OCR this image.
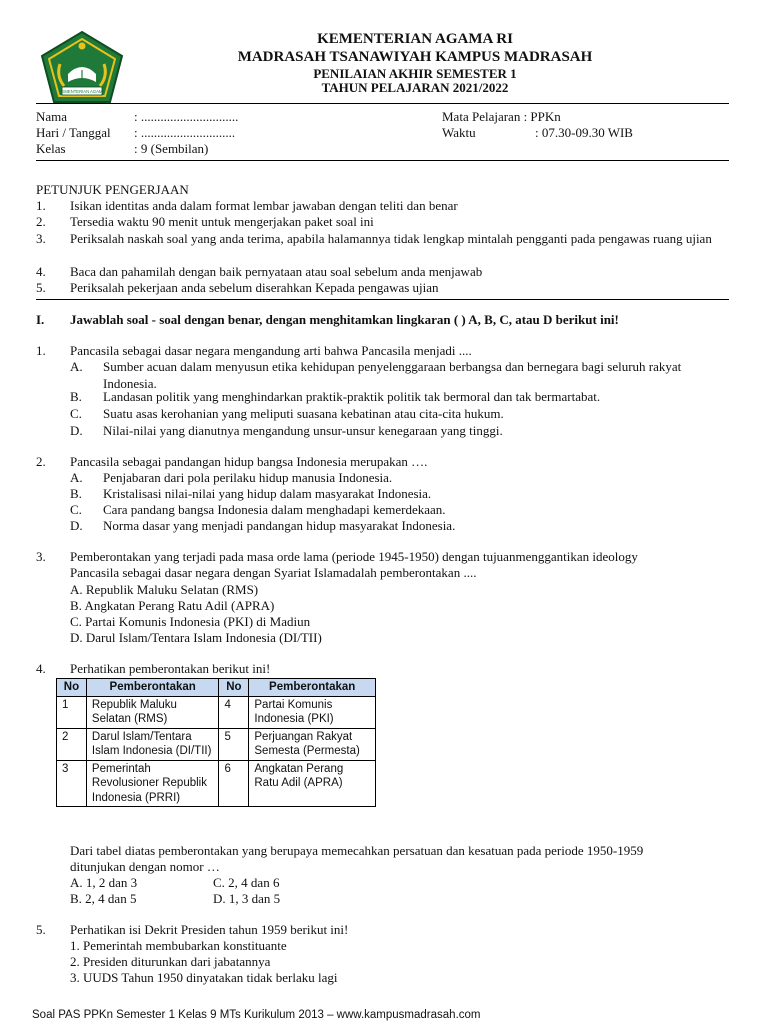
KEMENTERIAN AGAMA
KEMENTERIAN AGAMA RI
MADRASAH TSANAWIYAH KAMPUS MADRASAH
PENILAIAN AKHIR SEMESTER 1
TAHUN PELAJARAN 2021/2022
Nama	: ..............................
Hari / Tanggal : .............................
Kelas	: 9 (Sembilan)
Mata Pelajaran : PPKn
Waktu	: 07.30-09.30 WIB
PETUNJUK PENGERJAAN
1. Isikan identitas anda dalam format lembar jawaban dengan teliti dan benar
2. Tersedia waktu 90 menit untuk mengerjakan paket soal ini
3. Periksalah naskah soal yang anda terima, apabila halamannya tidak lengkap mintalah pengganti pada pengawas ruang ujian
4. Baca dan pahamilah dengan baik pernyataan atau soal sebelum anda menjawab
5. Periksalah pekerjaan anda sebelum diserahkan Kepada pengawas ujian
I. Jawablah soal - soal dengan benar, dengan menghitamkan lingkaran ( ) A, B, C, atau D berikut ini!
1. Pancasila sebagai dasar negara mengandung arti bahwa Pancasila menjadi ....
A. Sumber acuan dalam menyusun etika kehidupan penyelenggaraan berbangsa dan bernegara bagi seluruh rakyat Indonesia.
B. Landasan politik yang menghindarkan praktik-praktik politik tak bermoral dan tak bermartabat.
C. Suatu asas kerohanian yang meliputi suasana kebatinan atau cita-cita hukum.
D. Nilai-nilai yang dianutnya mengandung unsur-unsur kenegaraan yang tinggi.
2. Pancasila sebagai pandangan hidup bangsa Indonesia merupakan ….
A. Penjabaran dari pola perilaku hidup manusia Indonesia.
B. Kristalisasi nilai-nilai yang hidup dalam masyarakat Indonesia.
C. Cara pandang bangsa Indonesia dalam menghadapi kemerdekaan.
D. Norma dasar yang menjadi pandangan hidup masyarakat Indonesia.
3. Pemberontakan yang terjadi pada masa orde lama (periode 1945-1950) dengan tujuanmenggantikan ideology
Pancasila sebagai dasar negara dengan Syariat Islamadalah pemberontakan ....
A. Republik Maluku Selatan (RMS)
B. Angkatan Perang Ratu Adil (APRA)
C. Partai Komunis Indonesia (PKI) di Madiun
D. Darul Islam/Tentara Islam Indonesia (DI/TII)
4. Perhatikan pemberontakan berikut ini!
No	Pemberontakan	No	Pemberontakan
1	Republik Maluku Selatan (RMS)	4	Partai Komunis Indonesia (PKI)
2	Darul Islam/Tentara Islam Indonesia (DI/TII)	5	Perjuangan Rakyat Semesta (Permesta)
3	Pemerintah Revolusioner Republik Indonesia (PRRI)	6	Angkatan Perang Ratu Adil (APRA)
Dari tabel diatas pemberontakan yang berupaya memecahkan persatuan dan kesatuan pada periode 1950-1959
ditunjukan dengan nomor …
A. 1, 2 dan 3	C. 2, 4 dan 6
B. 2, 4 dan 5	D. 1, 3 dan 5
5. Perhatikan isi Dekrit Presiden tahun 1959 berikut ini!
1. Pemerintah membubarkan konstituante
2. Presiden diturunkan dari jabatannya
3. UUDS Tahun 1950 dinyatakan tidak berlaku lagi
Soal PAS PPKn Semester 1 Kelas 9 MTs Kurikulum 2013 – www.kampusmadrasah.com
